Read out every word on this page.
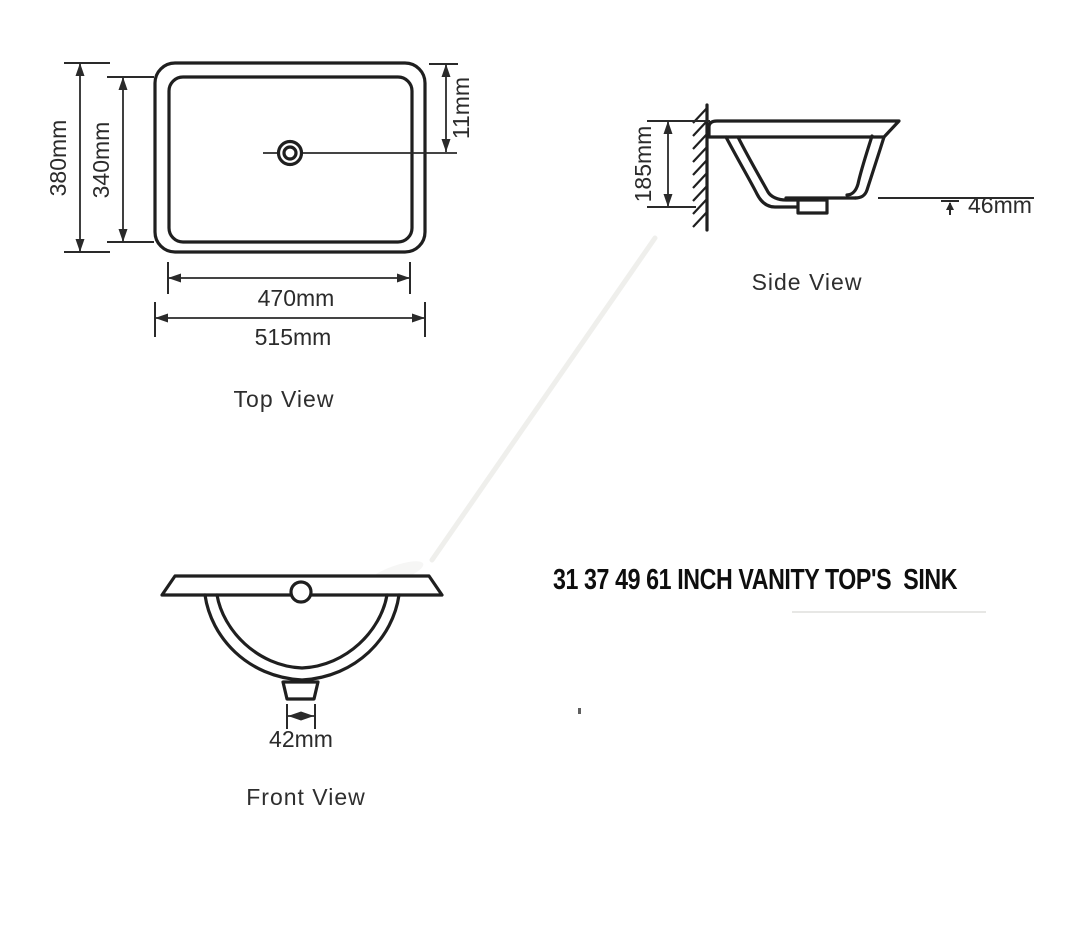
380mm 340mm
11mm
470mm
515mm
Top View
185mm
46mm
Side View
42mm
Front View
31 37 49 61 INCH VANITY TOP'S  SINK
